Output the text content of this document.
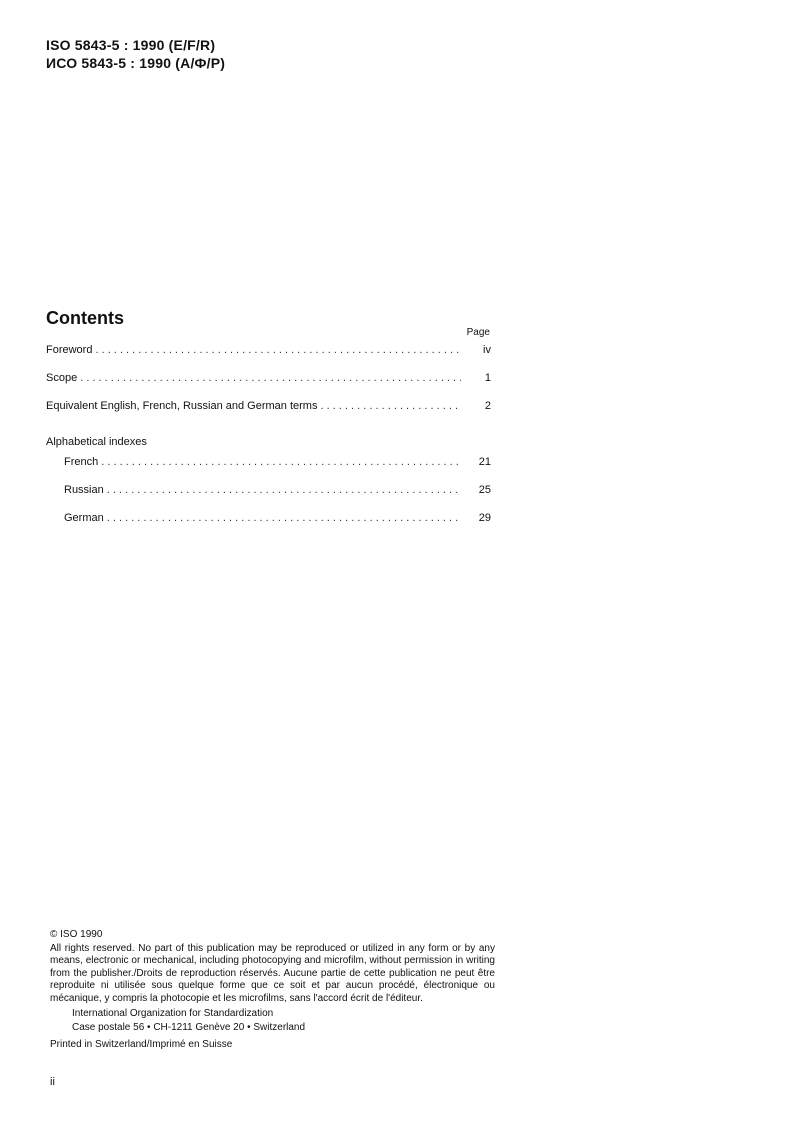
ISO 5843-5 : 1990 (E/F/R)
ИСО 5843-5 : 1990 (А/Ф/Р)
Contents
Page
Foreword . . .	iv
Scope . . .	1
Equivalent English, French, Russian and German terms . . .	2
Alphabetical indexes
French . . .	21
Russian . . .	25
German . . .	29
© ISO 1990
All rights reserved. No part of this publication may be reproduced or utilized in any form or by any means, electronic or mechanical, including photocopying and microfilm, without permission in writing from the publisher./Droits de reproduction réservés. Aucune partie de cette publication ne peut être reproduite ni utilisée sous quelque forme que ce soit et par aucun procédé, électronique ou mécanique, y compris la photocopie et les microfilms, sans l'accord écrit de l'éditeur.
International Organization for Standardization
Case postale 56 • CH-1211 Genève 20 • Switzerland
Printed in Switzerland/Imprimé en Suisse
ii
